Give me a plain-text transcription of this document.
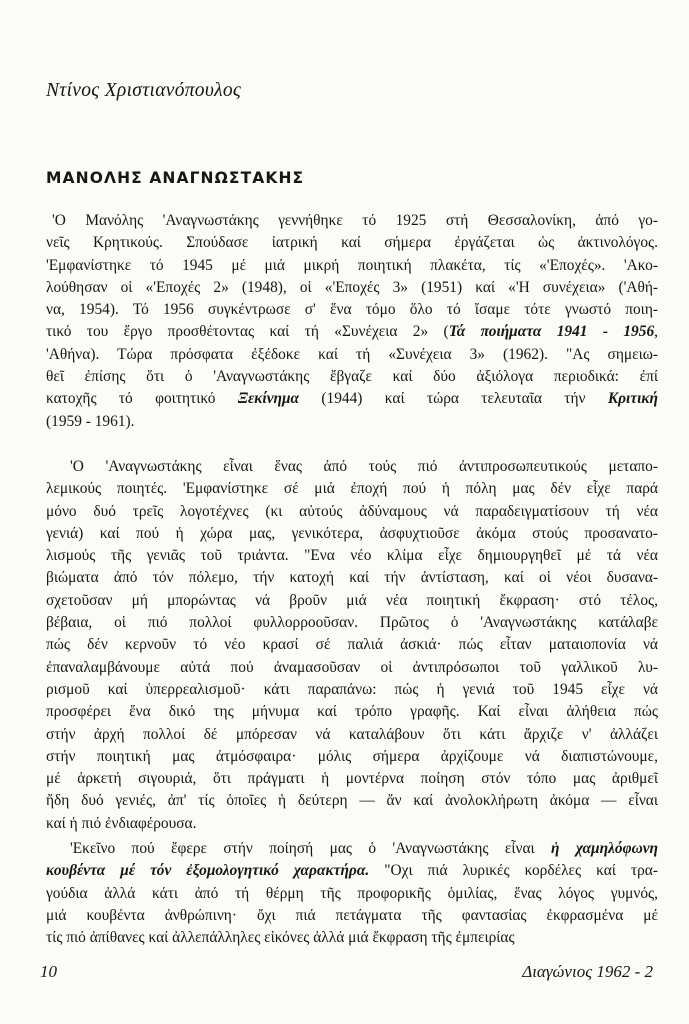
Ντίνος Χριστιανόπουλος
ΜΑΝΟΛΗΣ ΑΝΑΓΝΩΣΤΑΚΗΣ
'Ο Μανόλης 'Αναγνωστάκης γεννήθηκε τό 1925 στή Θεσσαλονίκη, ἀπό γο-
νεῖς Κρητικούς. Σπούδασε ἰατρική καί σήμερα ἐργάζεται ὡς ἀκτινολόγος.
'Εμφανίστηκε τό 1945 μέ μιά μικρή ποιητική πλακέτα, τίς «'Εποχές». 'Ακο-
λούθησαν οἱ «'Εποχές 2» (1948), οἱ «'Εποχές 3» (1951) καί «'Η συνέχεια» ('Αθή-
να, 1954). Τό 1956 συγκέντρωσε σ' ἕνα τόμο ὅλο τό ἴσαμε τότε γνωστό ποιη-
τικό του ἔργο προσθέτοντας καί τή «Συνέχεια 2» (Τά ποιήματα 1941 - 1956,
'Αθήνα). Τώρα πρόσφατα ἐξέδοκε καί τή «Συνέχεια 3» (1962). "Ας σημειω-
θεῖ ἐπίσης ὅτι ὁ 'Αναγνωστάκης ἔβγαζε καί δύο ἀξιόλογα περιοδικά: ἐπί
κατοχῆς τό φοιτητικό Ξεκίνημα (1944) καί τώρα τελευταῖα τήν Κριτική
(1959 - 1961).
'Ο 'Αναγνωστάκης εἶναι ἕνας ἀπό τούς πιό ἀντιπροσωπευτικούς μεταπο-
λεμικούς ποιητές. 'Εμφανίστηκε σέ μιά ἐποχή πού ἡ πόλη μας δέν εἶχε παρά
μόνο δυό τρεῖς λογοτέχνες (κι αὐτούς ἀδύναμους νά παραδειγματίσουν τή νέα
γενιά) καί πού ἡ χώρα μας, γενικότερα, ἀσφυχτιοῦσε ἀκόμα στούς προσανατο-
λισμούς τῆς γενιᾶς τοῦ τριάντα. "Ενα νέο κλίμα εἶχε δημιουργηθεῖ μέ τά νέα
βιώματα ἀπό τόν πόλεμο, τήν κατοχή καί τήν ἀντίσταση, καί οἱ νέοι δυσανα-
σχετοῦσαν μή μπορώντας νά βροῦν μιά νέα ποιητική ἔκφραση· στό τέλος,
βέβαια, οἱ πιό πολλοί φυλλορροοῦσαν. Πρῶτος ὁ 'Αναγνωστάκης κατάλαβε
πώς δέν κερνοῦν τό νέο κρασί σέ παλιά ἀσκιά· πώς εἶταν ματαιοπονία νά
ἐπαναλαμβάνουμε αὐτά πού ἀναμασοῦσαν οἱ ἀντιπρόσωποι τοῦ γαλλικοῦ λυ-
ρισμοῦ καί ὑπερρεαλισμοῦ· κάτι παραπάνω: πώς ἡ γενιά τοῦ 1945 εἶχε νά
προσφέρει ἕνα δικό της μήνυμα καί τρόπο γραφῆς. Καί εἶναι ἀλήθεια πώς
στήν ἀρχή πολλοί δέ μπόρεσαν νά καταλάβουν ὅτι κάτι ἄρχιζε ν' ἀλλάζει
στήν ποιητική μας ἀτμόσφαιρα· μόλις σήμερα ἀρχίζουμε νά διαπιστώνουμε,
μέ ἀρκετή σιγουριά, ὅτι πράγματι ἡ μοντέρνα ποίηση στόν τόπο μας ἀριθμεῖ
ἤδη δυό γενιές, ἀπ' τίς ὁποῖες ἡ δεύτερη — ἄν καί ἀνολοκλήρωτη ἀκόμα — εἶναι
καί ἡ πιό ἐνδιαφέρουσα.
'Εκεῖνο πού ἔφερε στήν ποίησή μας ὁ 'Αναγνωστάκης εἶναι ἡ χαμηλόφωνη
κουβέντα μέ τόν ἐξομολογητικό χαρακτήρα. "Οχι πιά λυρικές κορδέλες καί τρα-
γούδια ἀλλά κάτι ἀπό τή θέρμη τῆς προφορικῆς ὁμιλίας, ἕνας λόγος γυμνός,
μιά κουβέντα ἀνθρώπινη· ὄχι πιά πετάγματα τῆς φαντασίας ἐκφρασμένα μέ
τίς πιό ἀπίθανες καί ἀλλεπάλληλες εἰκόνες ἀλλά μιά ἔκφραση τῆς ἐμπειρίας
10	Διαγώνιος 1962 - 2
